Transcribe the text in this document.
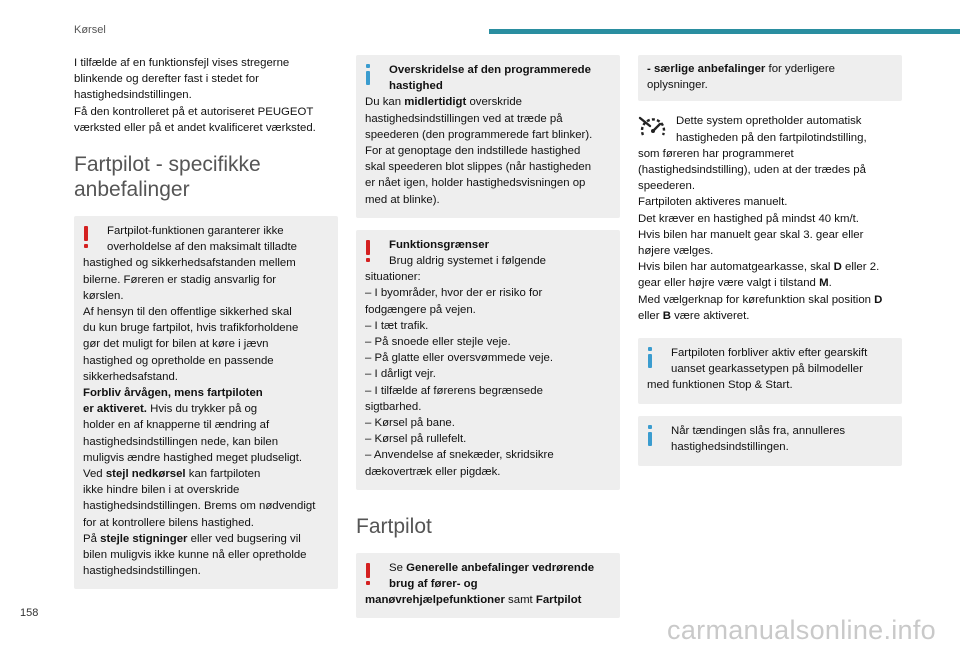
Kørsel

I tilfælde af en funktionsfejl vises stregerne

blinkende og derefter fast i stedet for

hastighedsindstillingen.

Få den kontrolleret på et autoriseret PEUGEOT

værksted eller på et andet kvalificeret værksted.

Fartpilot - specifikke
anbefalinger

Fartpilot-funktionen garanterer ikke

overholdelse af den maksimalt tilladte

hastighed og sikkerhedsafstanden mellem

bilerne. Føreren er stadig ansvarlig for

kørslen.

Af hensyn til den offentlige sikkerhed skal

du kun bruge fartpilot, hvis trafikforholdene

gør det muligt for bilen at køre i jævn

hastighed og opretholde en passende

sikkerhedsafstand.

Forbliv årvågen, mens fartpiloten

er aktiveret. Hvis du trykker på og

holder en af knapperne til ændring af

hastighedsindstillingen nede, kan bilen

muligvis ændre hastighed meget pludseligt.

Ved stejl nedkørsel kan fartpiloten

ikke hindre bilen i at overskride

hastighedsindstillingen. Brems om nødvendigt

for at kontrollere bilens hastighed.

På stejle stigninger eller ved bugsering vil

bilen muligvis ikke kunne nå eller opretholde

hastighedsindstillingen.

Overskridelse af den programmerede

hastighed

Du kan midlertidigt overskride

hastighedsindstillingen ved at træde på

speederen (den programmerede fart blinker).

For at genoptage den indstillede hastighed

skal speederen blot slippes (når hastigheden

er nået igen, holder hastighedsvisningen op

med at blinke).

Funktionsgrænser

Brug aldrig systemet i følgende

situationer:

– I byområder, hvor der er risiko for

fodgængere på vejen.

– I tæt trafik.

– På snoede eller stejle veje.

– På glatte eller oversvømmede veje.

– I dårligt vejr.

– I tilfælde af førerens begrænsede

sigtbarhed.

– Kørsel på bane.

– Kørsel på rullefelt.

– Anvendelse af snekæder, skridsikre

dækovertræk eller pigdæk.

Fartpilot

Se Generelle anbefalinger vedrørende

brug af fører- og

manøvrehjælpefunktioner samt Fartpilot

- særlige anbefalinger for yderligere

oplysninger.

Dette system opretholder automatisk

hastigheden på den fartpilotindstilling,

som føreren har programmeret

(hastighedsindstilling), uden at der trædes på

speederen.

Fartpiloten aktiveres manuelt.

Det kræver en hastighed på mindst 40 km/t.

Hvis bilen har manuelt gear skal 3. gear eller

højere vælges.

Hvis bilen har automatgearkasse, skal D eller 2.

gear eller højre være valgt i tilstand M.

Med vælgerknap for kørefunktion skal position D

eller B være aktiveret.

Fartpiloten forbliver aktiv efter gearskift

uanset gearkassetypen på bilmodeller

med funktionen Stop & Start.

Når tændingen slås fra, annulleres

hastighedsindstillingen.

158
carmanualsonline.info
